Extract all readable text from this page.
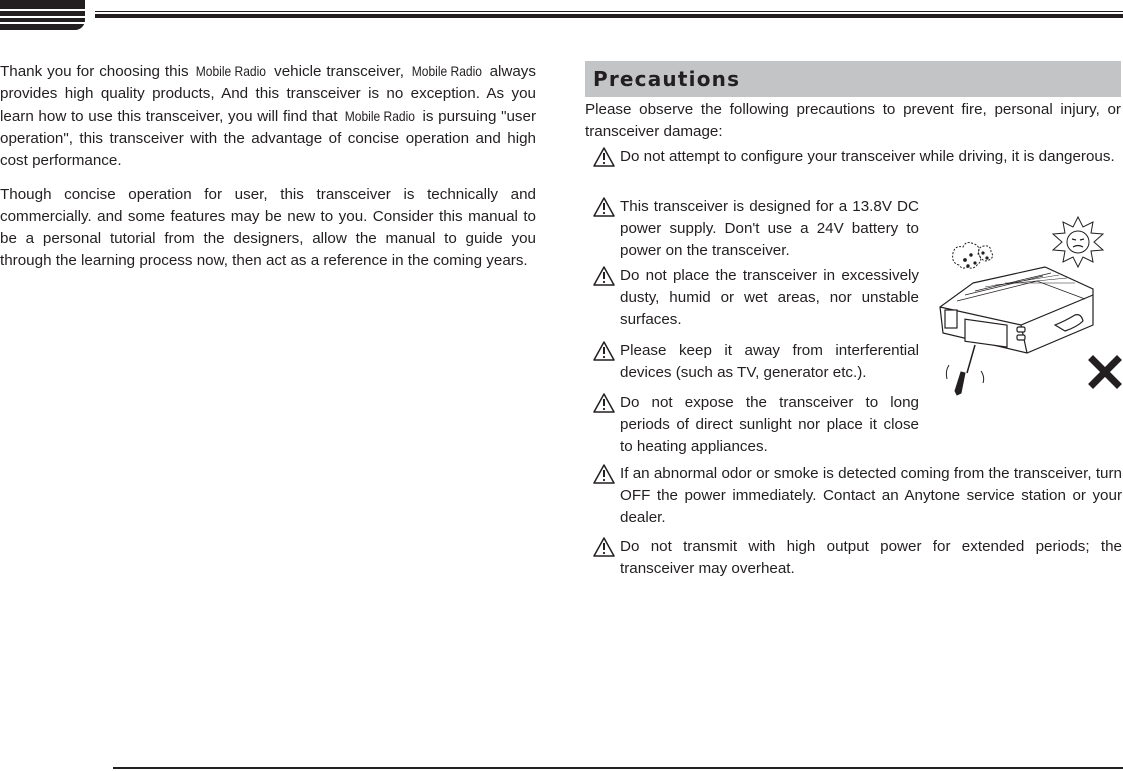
Thank you for choosing this Mobile Radio vehicle transceiver, Mobile Radio always provides high quality products, And this transceiver is no exception. As you learn how to use this transceiver, you will find that Mobile Radio is pursuing "user operation", this transceiver with the advantage of concise operation and high cost performance.

Though concise operation for user, this transceiver is technically and commercially. and some features may be new to you. Consider this manual to be a personal tutorial from the designers, allow the manual to guide you through the learning process now, then act as a reference in the coming years.

Precautions
Please observe the following precautions to prevent fire, personal injury, or transceiver damage:
Do not attempt to configure your transceiver while driving, it is dangerous.
This transceiver is designed for a 13.8V DC power supply. Don't use a 24V battery to power on the transceiver.
Do not place the transceiver in excessively dusty, humid or wet areas, nor unstable surfaces.
Please keep it away from interferential devices (such as TV, generator etc.).
Do not expose the transceiver to long periods of direct sunlight nor place it close to heating appliances.
If an abnormal odor or smoke is detected coming from the transceiver, turn OFF the power immediately. Contact an Anytone service station or your dealer.
Do not transmit with high output power for extended periods; the transceiver may overheat.
